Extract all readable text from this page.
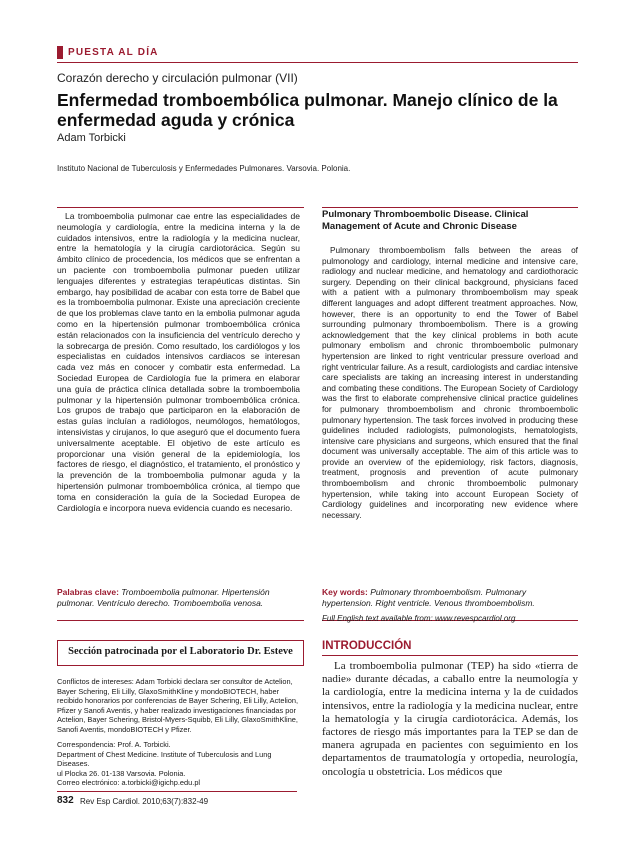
PUESTA AL DÍA
Corazón derecho y circulación pulmonar (VII)
Enfermedad tromboembólica pulmonar. Manejo clínico de la enfermedad aguda y crónica
Adam Torbicki
Instituto Nacional de Tuberculosis y Enfermedades Pulmonares. Varsovia. Polonia.

La tromboembolia pulmonar cae entre las especialidades de neumología y cardiología, entre la medicina interna y la de cuidados intensivos, entre la radiología y la medicina nuclear, entre la hematología y la cirugía cardiotorácica. Según su ámbito clínico de procedencia, los médicos que se enfrentan a un paciente con tromboembolia pulmonar pueden utilizar lenguajes diferentes y estrategias terapéuticas distintas. Sin embargo, hay posibilidad de acabar con esta torre de Babel que es la tromboembolia pulmonar. Existe una apreciación creciente de que los problemas clave tanto en la embolia pulmonar aguda como en la hipertensión pulmonar tromboembólica crónica están relacionados con la insuficiencia del ventrículo derecho y la sobrecarga de presión. Como resultado, los cardiólogos y los especialistas en cuidados intensivos cardiacos se interesan cada vez más en conocer y combatir esta enfermedad. La Sociedad Europea de Cardiología fue la primera en elaborar una guía de práctica clínica detallada sobre la tromboembolia pulmonar y la hipertensión pulmonar tromboembólica crónica. Los grupos de trabajo que participaron en la elaboración de estas guías incluían a radiólogos, neumólogos, hematólogos, intensivistas y cirujanos, lo que aseguró que el documento fuera universalmente aceptable. El objetivo de este artículo es proporcionar una visión general de la epidemiología, los factores de riesgo, el diagnóstico, el tratamiento, el pronóstico y la prevención de la tromboembolia pulmonar aguda y la hipertensión pulmonar tromboembólica crónica, al tiempo que toma en consideración la guía de la Sociedad Europea de Cardiología e incorpora nueva evidencia cuando es necesario.

Pulmonary Thromboembolic Disease. Clinical Management of Acute and Chronic Disease

Pulmonary thromboembolism falls between the areas of pulmonology and cardiology, internal medicine and intensive care, radiology and nuclear medicine, and hematology and cardiothoracic surgery. Depending on their clinical background, physicians faced with a patient with a pulmonary thromboembolism may speak different languages and adopt different treatment approaches. Now, however, there is an opportunity to end the Tower of Babel surrounding pulmonary thromboembolism. There is a growing acknowledgement that the key clinical problems in both acute pulmonary embolism and chronic thromboembolic pulmonary hypertension are linked to right ventricular pressure overload and right ventricular failure. As a result, cardiologists and cardiac intensive care specialists are taking an increasing interest in understanding and combating these conditions. The European Society of Cardiology was the first to elaborate comprehensive clinical practice guidelines for pulmonary thromboembolism and chronic thromboembolic pulmonary hypertension. The task forces involved in producing these guidelines included radiologists, pulmonologists, hematologists, intensive care physicians and surgeons, which ensured that the final document was universally acceptable. The aim of this article was to provide an overview of the epidemiology, risk factors, diagnosis, treatment, prognosis and prevention of acute pulmonary thromboembolism and chronic thromboembolic pulmonary hypertension, while taking into account European Society of Cardiology guidelines and incorporating new evidence where necessary.

Palabras clave: Tromboembolia pulmonar. Hipertensión pulmonar. Ventrículo derecho. Tromboembolia venosa.

Key words: Pulmonary thromboembolism. Pulmonary hypertension. Right ventricle. Venous thromboembolism.

Full English text available from: www.revespcardiol.org
Sección patrocinada por el Laboratorio Dr. Esteve

Conflictos de intereses: Adam Torbicki declara ser consultor de Actelion, Bayer Schering, Eli Lilly, GlaxoSmithKline y mondoBIOTECH, haber recibido honorarios por conferencias de Bayer Schering, Eli Lilly, Actelion, Pfizer y Sanofi Aventis, y haber realizado investigaciones financiadas por Actelion, Bayer Schering, Bristol-Myers-Squibb, Eli Lilly, GlaxoSmithKline, Sanofi Aventis, mondoBIOTECH y Pfizer.

Correspondencia: Prof. A. Torbicki.

Department of Chest Medicine. Institute of Tuberculosis and Lung Diseases.

ul Plocka 26. 01-138 Varsovia. Polonia.

Correo electrónico: a.torbicki@igichp.edu.pl

INTRODUCCIÓN

La tromboembolia pulmonar (TEP) ha sido «tierra de nadie» durante décadas, a caballo entre la neumología y la cardiología, entre la medicina interna y la de cuidados intensivos, entre la radiología y la medicina nuclear, entre la hematología y la cirugía cardiotorácica. Además, los factores de riesgo más importantes para la TEP se dan de manera agrupada en pacientes con seguimiento en los departamentos de traumatología y ortopedia, neurología, oncología u obstetricia. Los médicos que

832 Rev Esp Cardiol. 2010;63(7):832-49
